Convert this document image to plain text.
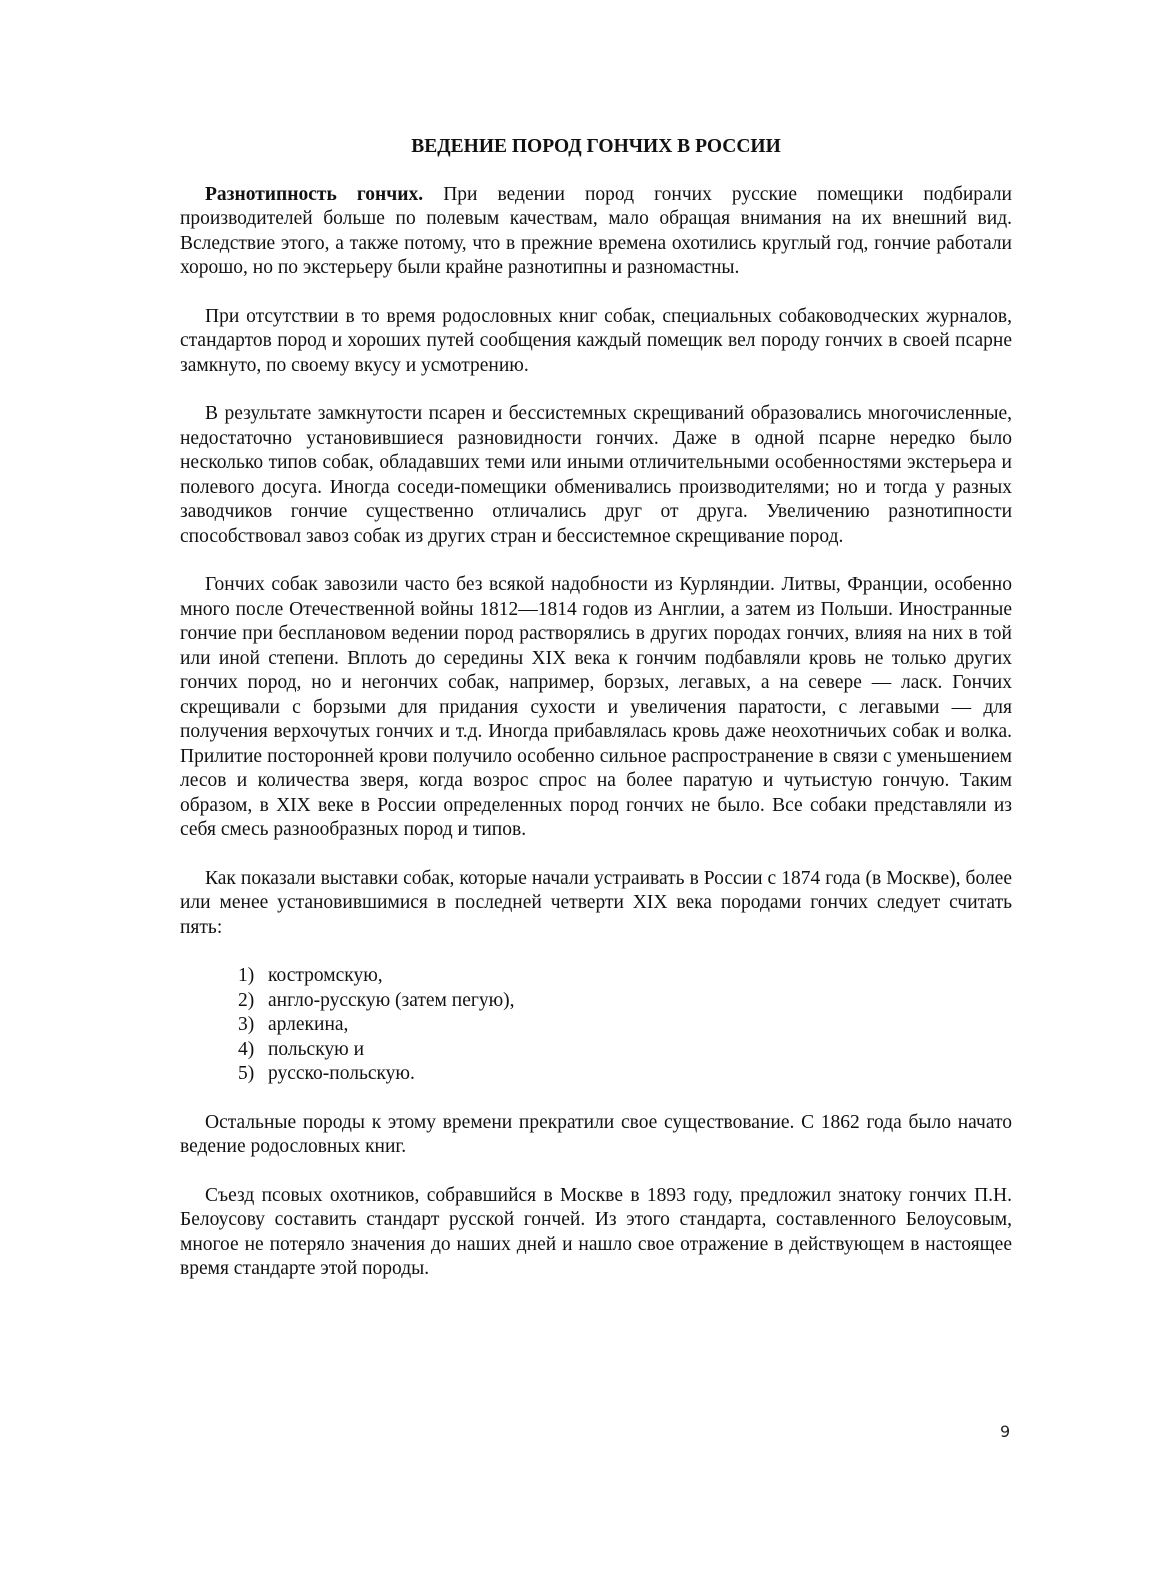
ВЕДЕНИЕ ПОРОД ГОНЧИХ В РОССИИ

Разнотипность гончих. При ведении пород гончих русские помещики подбирали производителей больше по полевым качествам, мало обращая внимания на их внешний вид. Вследствие этого, а также потому, что в прежние времена охотились круглый год, гончие работали хорошо, но по экстерьеру были крайне разнотипны и разномастны.

При отсутствии в то время родословных книг собак, специальных собаководческих журналов, стандартов пород и хороших путей сообщения каждый помещик вел породу гончих в своей псарне замкнуто, по своему вкусу и усмотрению.

В результате замкнутости псарен и бессистемных скрещиваний образовались многочисленные, недостаточно установившиеся разновидности гончих. Даже в одной псарне нередко было несколько типов собак, обладавших теми или иными отличительными особенностями экстерьера и полевого досуга. Иногда соседи-помещики обменивались производителями; но и тогда у разных заводчиков гончие существенно отличались друг от друга. Увеличению разнотипности способствовал завоз собак из других стран и бессистемное скрещивание пород.

Гончих собак завозили часто без всякой надобности из Курляндии. Литвы, Франции, особенно много после Отечественной войны 1812—1814 годов из Англии, а затем из Польши. Иностранные гончие при бесплановом ведении пород растворялись в других породах гончих, влияя на них в той или иной степени. Вплоть до середины XIX века к гончим подбавляли кровь не только других гончих пород, но и негончих собак, например, борзых, легавых, а на севере — ласк. Гончих скрещивали с борзыми для придания сухости и увеличения паратости, с легавыми — для получения верхочутых гончих и т.д. Иногда прибавлялась кровь даже неохотничьих собак и волка. Прилитие посторонней крови получило особенно сильное распространение в связи с уменьшением лесов и количества зверя, когда возрос спрос на более паратую и чутьистую гончую. Таким образом, в XIX веке в России определенных пород гончих не было. Все собаки представляли из себя смесь разнообразных пород и типов.

Как показали выставки собак, которые начали устраивать в России с 1874 года (в Москве), более или менее установившимися в последней четверти XIX века породами гончих следует считать пять:

1) костромскую,
2) англо-русскую (затем пегую),
3) арлекина,
4) польскую и
5) русско-польскую.

Остальные породы к этому времени прекратили свое существование. С 1862 года было начато ведение родословных книг.

Съезд псовых охотников, собравшийся в Москве в 1893 году, предложил знатоку гончих П.Н. Белоусову составить стандарт русской гончей. Из этого стандарта, составленного Белоусовым, многое не потеряло значения до наших дней и нашло свое отражение в действующем в настоящее время стандарте этой породы.

9
